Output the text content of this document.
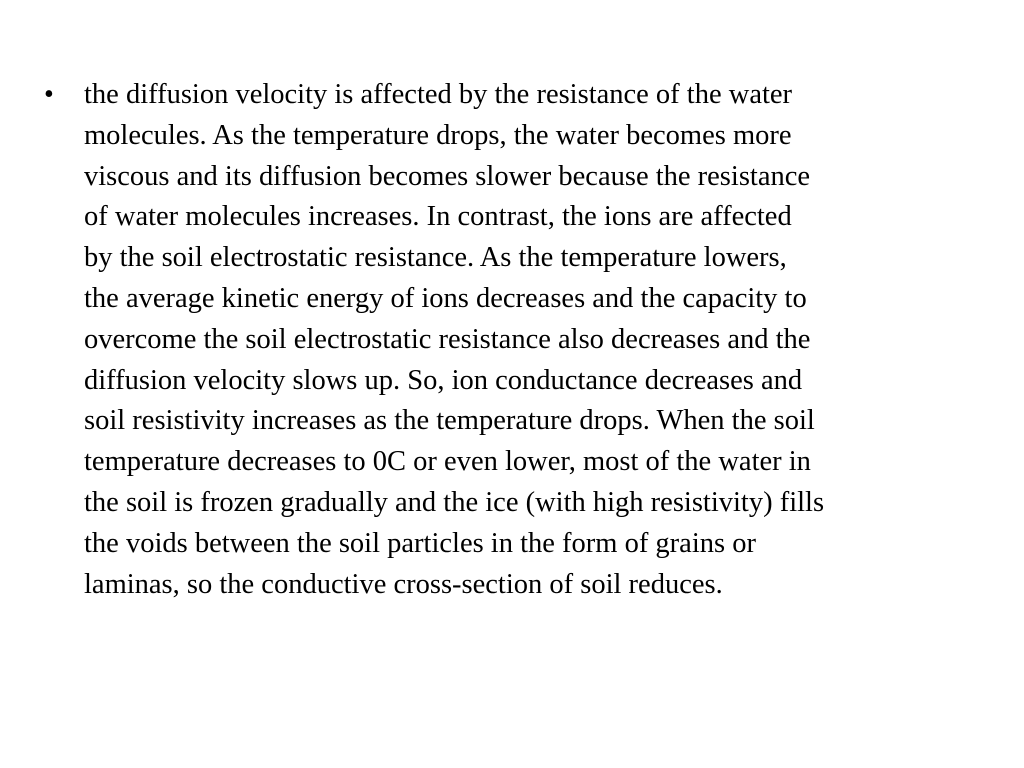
• the diffusion velocity is affected by the resistance of the water
molecules. As the temperature drops, the water becomes more
viscous and its diffusion becomes slower because the resistance
of water molecules increases. In contrast, the ions are affected
by the soil electrostatic resistance. As the temperature lowers,
the average kinetic energy of ions decreases and the capacity to
overcome the soil electrostatic resistance also decreases and the
diffusion velocity slows up. So, ion conductance decreases and
soil resistivity increases as the temperature drops. When the soil
temperature decreases to 0C or even lower, most of the water in
the soil is frozen gradually and the ice (with high resistivity) fills
the voids between the soil particles in the form of grains or
laminas, so the conductive cross-section of soil reduces.
